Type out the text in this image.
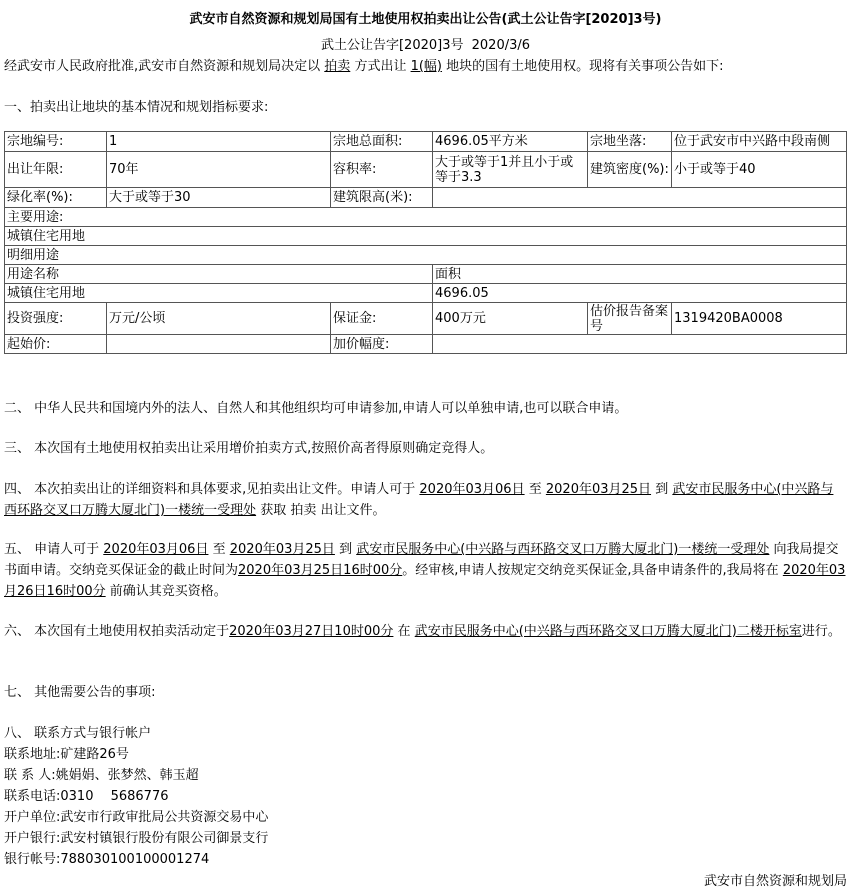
武安市自然资源和规划局国有土地使用权拍卖出让公告(武土公让告字[2020]3号)
武土公让告字[2020]3号 2020/3/6
经武安市人民政府批准,武安市自然资源和规划局决定以 拍卖 方式出让 1(幅) 地块的国有土地使用权。现将有关事项公告如下:
一、拍卖出让地块的基本情况和规划指标要求:
宗地编号:	1	宗地总面积:	4696.05平方米	宗地坐落:	位于武安市中兴路中段南侧
出让年限:	70年	容积率:	大于或等于1并且小于或等于3.3	建筑密度(%):	小于或等于40
绿化率(%):	大于或等于30	建筑限高(米):			
主要用途:					
城镇住宅用地					
明细用途					
用途名称			面积		
城镇住宅用地			4696.05		
投资强度:	万元/公顷	保证金:	400万元	估价报告备案号	1319420BA0008
起始价:		加价幅度:			
二、 中华人民共和国境内外的法人、自然人和其他组织均可申请参加,申请人可以单独申请,也可以联合申请。
三、 本次国有土地使用权拍卖出让采用增价拍卖方式,按照价高者得原则确定竞得人。
四、 本次拍卖出让的详细资料和具体要求,见拍卖出让文件。申请人可于 2020年03月06日 至 2020年03月25日 到 武安市民服务中心(中兴路与西环路交叉口万腾大厦北门)一楼统一受理处 获取 拍卖 出让文件。
五、 申请人可于 2020年03月06日 至 2020年03月25日 到 武安市民服务中心(中兴路与西环路交叉口万腾大厦北门)一楼统一受理处 向我局提交书面申请。交纳竞买保证金的截止时间为2020年03月25日16时00分。经审核,申请人按规定交纳竞买保证金,具备申请条件的,我局将在 2020年03月26日16时00分 前确认其竞买资格。
六、 本次国有土地使用权拍卖活动定于2020年03月27日10时00分 在 武安市民服务中心(中兴路与西环路交叉口万腾大厦北门)二楼开标室进行。
七、 其他需要公告的事项:
八、 联系方式与银行帐户
联系地址:矿建路26号
联 系 人:姚娟娟、张梦然、韩玉超
联系电话:0310　 5686776
开户单位:武安市行政审批局公共资源交易中心
开户银行:武安村镇银行股份有限公司御景支行
银行帐号:788030100100001274
武安市自然资源和规划局
